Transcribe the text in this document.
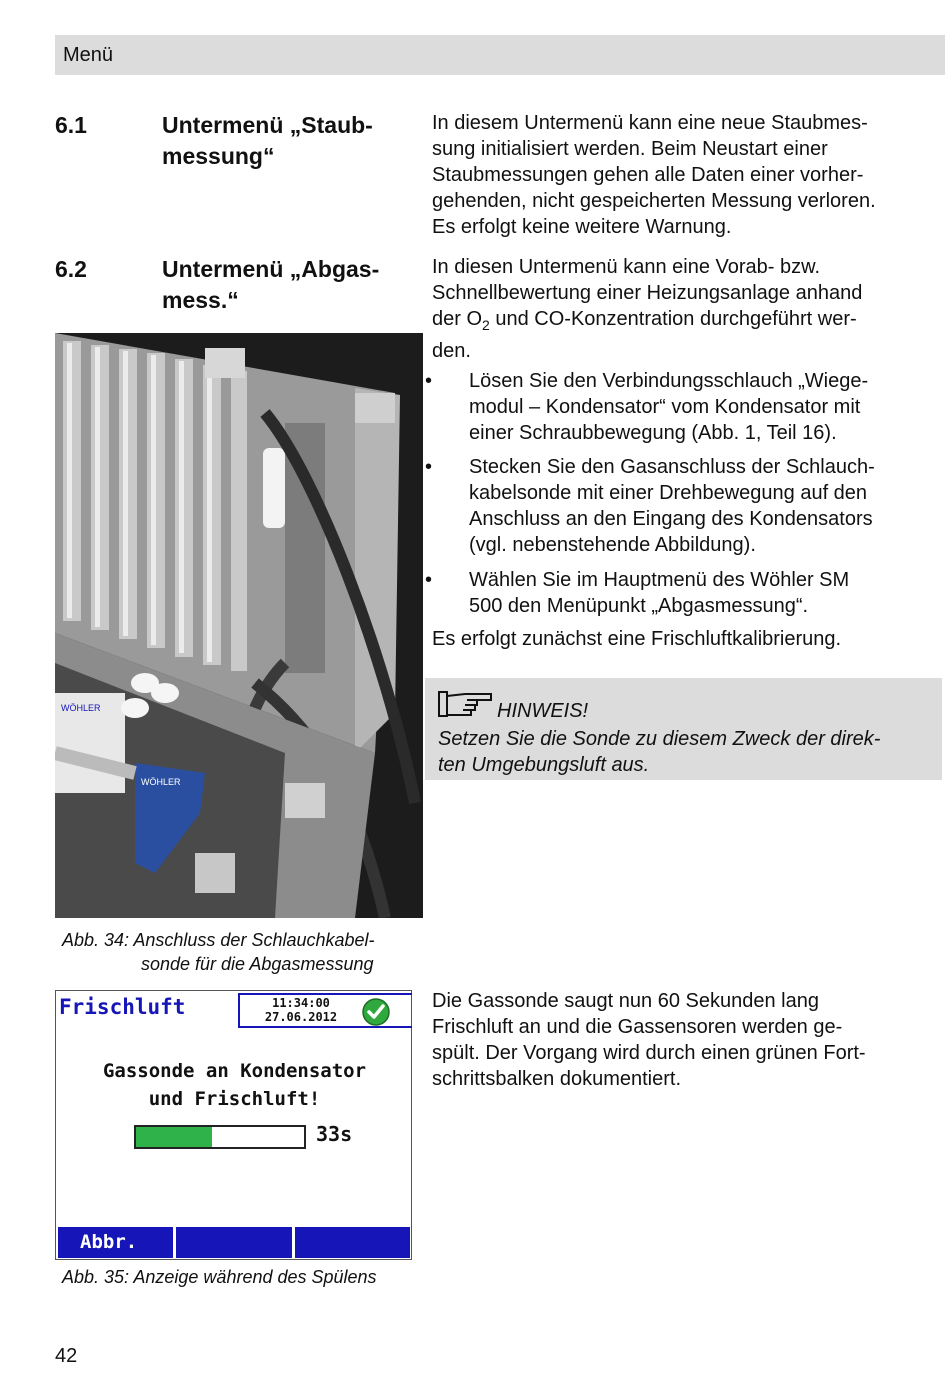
Menü
6.1	Untermenü „Staub-
messung“
In diesem Untermenü kann eine neue Staubmes-
sung initialisiert werden. Beim Neustart einer
Staubmessungen gehen alle Daten einer vorher-
gehenden, nicht gespeicherten Messung verloren.
Es erfolgt keine weitere Warnung.
6.2	Untermenü „Abgas-
mess.“
In diesen Untermenü kann eine Vorab- bzw.
Schnellbewertung einer Heizungsanlage anhand
der $O_2$ und CO-Konzentration durchgeführt wer-
den.
• Lösen Sie den Verbindungsschlauch „Wiege-
modul – Kondensator“ vom Kondensator mit
einer Schraubbewegung (Abb. 1, Teil 16).
• Stecken Sie den Gasanschluss der Schlauch-
kabelsonde mit einer Drehbewegung auf den
Anschluss an den Eingang des Kondensators
(vgl. nebenstehende Abbildung).
• Wählen Sie im Hauptmenü des Wöhler SM
500 den Menüpunkt „Abgasmessung“.
Es erfolgt zunächst eine Frischluftkalibrierung.
WÖHLER
WÖHLER
Abb. 34: Anschluss der Schlauchkabel-
sonde für die Abgasmessung
HINWEIS!
Setzen Sie die Sonde zu diesem Zweck der direk-
ten Umgebungsluft aus.
Frischluft	11:34:00
27.06.2012
Gassonde an Kondensator
und Frischluft!
33s
Abbr.
Abb. 35: Anzeige während des Spülens
Die Gassonde saugt nun 60 Sekunden lang
Frischluft an und die Gassensoren werden ge-
spült. Der Vorgang wird durch einen grünen Fort-
schrittsbalken dokumentiert.
42
